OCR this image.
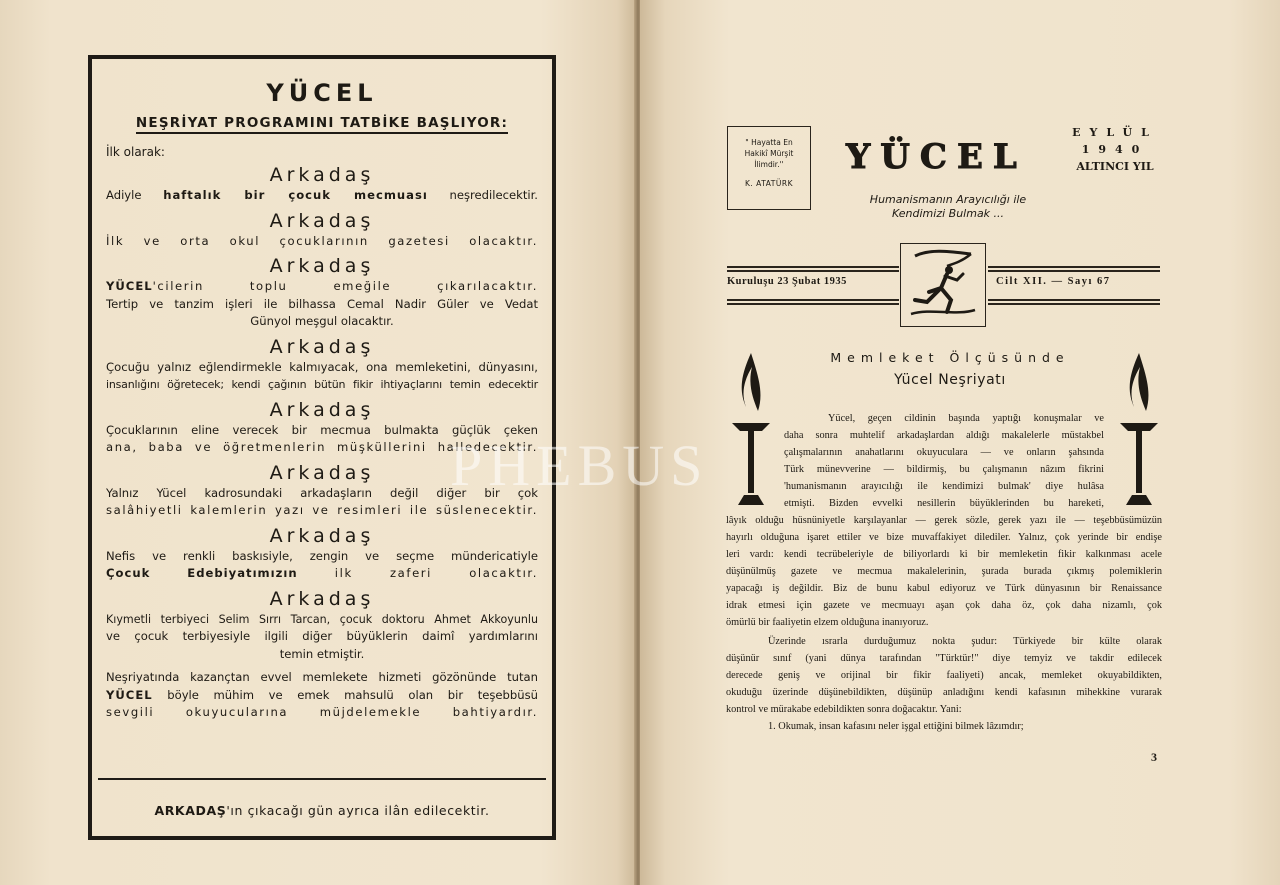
YÜCEL
NEŞRİYAT PROGRAMINI TATBİKE BAŞLIYOR:
İlk olarak:
Arkadaş
Adiyle haftalık bir çocuk mecmuası neşredilecektir.
Arkadaş
İlk ve orta okul çocuklarının gazetesi olacaktır.
Arkadaş
YÜCEL'cilerin toplu emeğile çıkarılacaktır.
Tertip ve tanzim işleri ile bilhassa Cemal Nadir Güler ve Vedat
Günyol meşgul olacaktır.
Arkadaş
Çocuğu yalnız eğlendirmekle kalmıyacak, ona memleketini, dünyasını,
insanlığını öğretecek; kendi çağının bütün fikir ihtiyaçlarını temin edecektir
Arkadaş
Çocuklarının eline verecek bir mecmua bulmakta güçlük çeken
ana, baba ve öğretmenlerin müşküllerini halledecektir.
Arkadaş
Yalnız Yücel kadrosundaki arkadaşların değil diğer bir çok
salâhiyetli kalemlerin yazı ve resimleri ile süslenecektir.
Arkadaş
Nefis ve renkli baskısiyle, zengin ve seçme mündericatiyle
Çocuk Edebiyatımızın ilk zaferi olacaktır.
Arkadaş
Kıymetli terbiyeci Selim Sırrı Tarcan, çocuk doktoru Ahmet Akkoyunlu
ve çocuk terbiyesiyle ilgili diğer büyüklerin daimî yardımlarını
temin etmiştir.
Neşriyatında kazançtan evvel memlekete hizmeti gözönünde tutan
YÜCEL böyle mühim ve emek mahsulü olan bir teşebbüsü
sevgili okuyucularına müjdelemekle bahtiyardır.
ARKADAŞ'ın çıkacağı gün ayrıca ilân edilecektir.
" Hayatta En
Hakikî Mürşit
İlimdir.''
K. ATATÜRK
YÜCEL
Humanismanın Arayıcılığı ile
Kendimizi Bulmak ...
EYLÜL
1940
ALTINCI YIL
Kuruluşu 23 Şubat 1935	Cilt XII. — Sayı 67
Memleket Ölçüsünde
Yücel Neşriyatı
Yücel, geçen cildinin başında yaptığı konuşmalar ve
daha sonra muhtelif arkadaşlardan aldığı makalelerle müstakbel
çalışmalarının anahatlarını okuyuculara — ve onların şahsında
Türk münevverine — bildirmiş, bu çalışmanın nâzım fikrini
'humanismanın arayıcılığı ile kendimizi bulmak' diye hulâsa
etmişti. Bizden evvelki nesillerin büyüklerinden bu hareketi,
lâyık olduğu hüsnüniyetle karşılayanlar — gerek sözle, gerek yazı ile — teşebbüsümüzün
hayırlı olduğuna işaret ettiler ve bize muvaffakiyet dilediler. Yalnız, çok yerinde bir endişe
leri vardı: kendi tecrübeleriyle de biliyorlardı ki bir memleketin fikir kalkınması acele
düşünülmüş gazete ve mecmua makalelerinin, şurada burada çıkmış polemiklerin
yapacağı iş değildir. Biz de bunu kabul ediyoruz ve Türk dünyasının bir Renaissance
idrak etmesi için gazete ve mecmuayı aşan çok daha öz, çok daha nizamlı, çok
ömürlü bir faaliyetin elzem olduğuna inanıyoruz.
Üzerinde ısrarla durduğumuz nokta şudur: Türkiyede bir külte olarak
düşünür sınıf (yani dünya tarafından "Türktür!" diye temyiz ve takdir edilecek
derecede geniş ve orijinal bir fikir faaliyeti) ancak, memleket okuyabildikten,
okuduğu üzerinde düşünebildikten, düşünüp anladığını kendi kafasının mihekkine vurarak
kontrol ve mürakabe edebildikten sonra doğacaktır. Yani:
1. Okumak, insan kafasını neler işgal ettiğini bilmek lâzımdır;
3
PHEBUS
